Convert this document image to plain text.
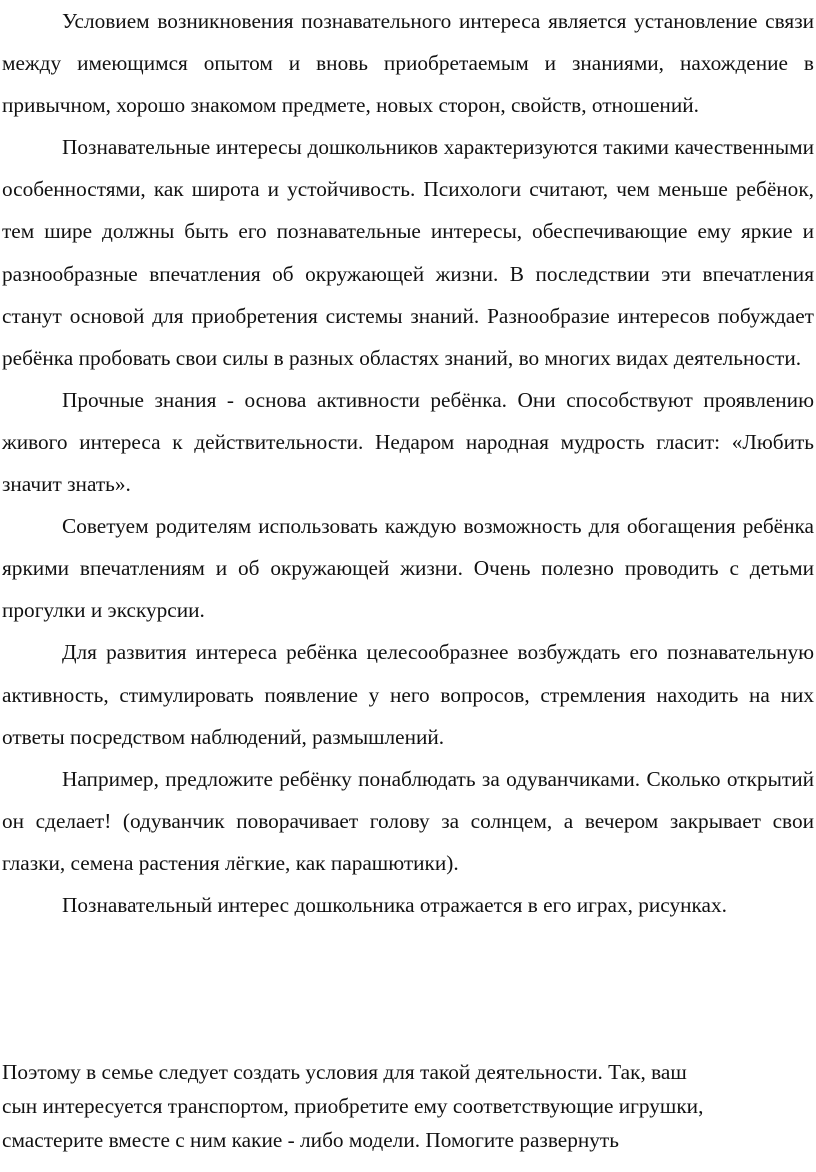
Условием возникновения познавательного интереса является установление связи между имеющимся опытом и вновь приобретаемым и знаниями, нахождение в привычном, хорошо знакомом предмете, новых сторон, свойств, отношений.

Познавательные интересы дошкольников характеризуются такими качественными особенностями, как широта и устойчивость. Психологи считают, чем меньше ребёнок, тем шире должны быть его познавательные интересы, обеспечивающие ему яркие и разнообразные впечатления об окружающей жизни. В последствии эти впечатления станут основой для приобретения системы знаний. Разнообразие интересов побуждает ребёнка пробовать свои силы в разных областях знаний, во многих видах деятельности.

Прочные знания - основа активности ребёнка. Они способствуют проявлению живого интереса к действительности. Недаром народная мудрость гласит: «Любить значит знать».

Советуем родителям использовать каждую возможность для обогащения ребёнка яркими впечатлениям и об окружающей жизни. Очень полезно проводить с детьми прогулки и экскурсии.

Для развития интереса ребёнка целесообразнее возбуждать его познавательную активность, стимулировать появление у него вопросов, стремления находить на них ответы посредством наблюдений, размышлений.

Например, предложите ребёнку понаблюдать за одуванчиками. Сколько открытий он сделает! (одуванчик поворачивает голову за солнцем, а вечером закрывает свои глазки, семена растения лёгкие, как парашютики).

Познавательный интерес дошкольника отражается в его играх, рисунках.

Поэтому в семье следует создать условия для такой деятельности. Так, ваш

сын интересуется транспортом, приобретите ему соответствующие игрушки,

смастерите вместе с ним какие - либо модели. Помогите развернуть
